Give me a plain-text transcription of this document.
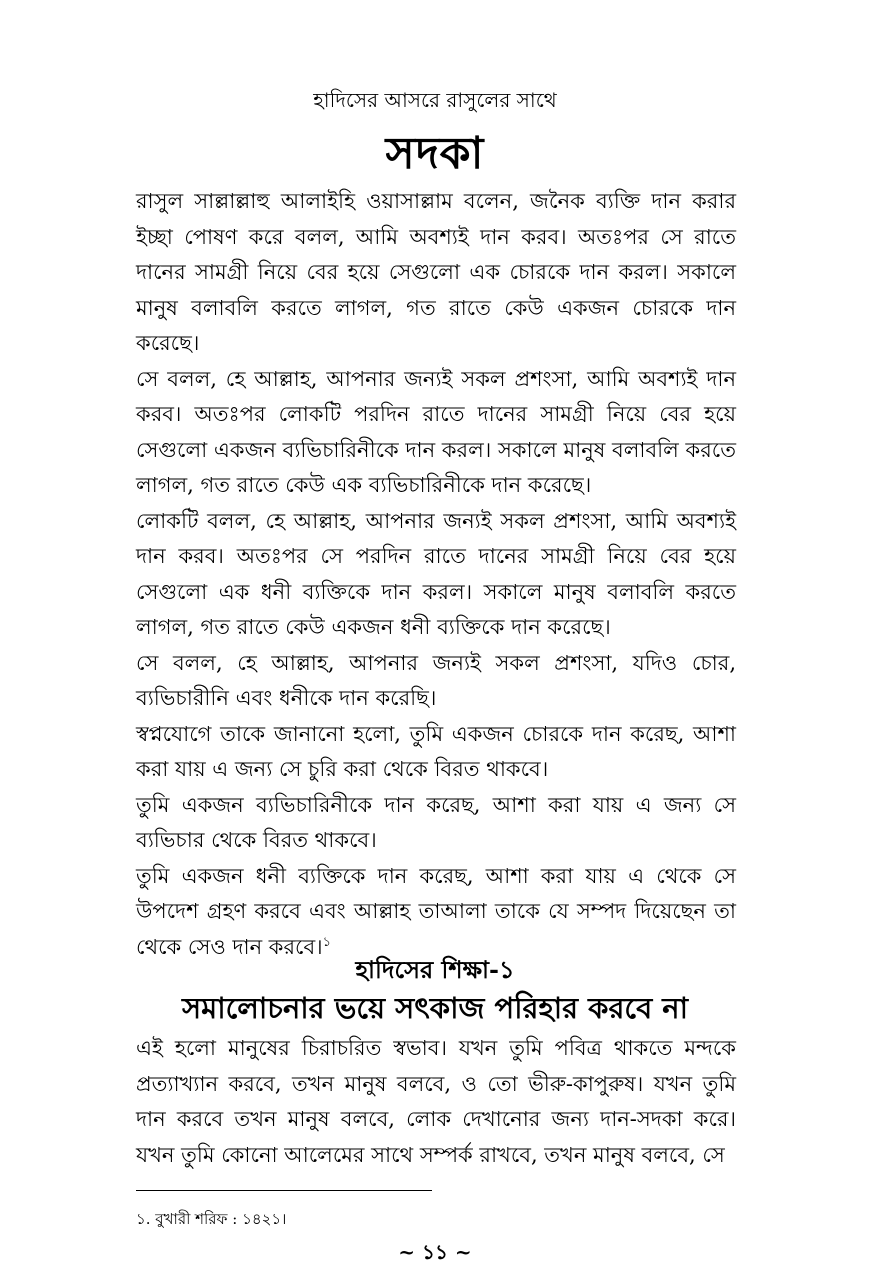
হাদিসের আসরে রাসুলের সাথে
সদকা

রাসুল সাল্লাল্লাহু আলাইহি ওয়াসাল্লাম বলেন, জনৈক ব্যক্তি দান করার ইচ্ছা পোষণ করে বলল, আমি অবশ্যই দান করব। অতঃপর সে রাতে দানের সামগ্রী নিয়ে বের হয়ে সেগুলো এক চোরকে দান করল। সকালে মানুষ বলাবলি করতে লাগল, গত রাতে কেউ একজন চোরকে দান করেছে।

সে বলল, হে আল্লাহ, আপনার জন্যই সকল প্রশংসা, আমি অবশ্যই দান করব। অতঃপর লোকটি পরদিন রাতে দানের সামগ্রী নিয়ে বের হয়ে সেগুলো একজন ব্যভিচারিনীকে দান করল। সকালে মানুষ বলাবলি করতে লাগল, গত রাতে কেউ এক ব্যভিচারিনীকে দান করেছে।

লোকটি বলল, হে আল্লাহ, আপনার জন্যই সকল প্রশংসা, আমি অবশ্যই দান করব। অতঃপর সে পরদিন রাতে দানের সামগ্রী নিয়ে বের হয়ে সেগুলো এক ধনী ব্যক্তিকে দান করল। সকালে মানুষ বলাবলি করতে লাগল, গত রাতে কেউ একজন ধনী ব্যক্তিকে দান করেছে।

সে বলল, হে আল্লাহ, আপনার জন্যই সকল প্রশংসা, যদিও চোর, ব্যভিচারীনি এবং ধনীকে দান করেছি।

স্বপ্নযোগে তাকে জানানো হলো, তুমি একজন চোরকে দান করেছ, আশা করা যায় এ জন্য সে চুরি করা থেকে বিরত থাকবে।

তুমি একজন ব্যভিচারিনীকে দান করেছ, আশা করা যায় এ জন্য সে ব্যভিচার থেকে বিরত থাকবে।

তুমি একজন ধনী ব্যক্তিকে দান করেছ, আশা করা যায় এ থেকে সে উপদেশ গ্রহণ করবে এবং আল্লাহ তাআলা তাকে যে সম্পদ দিয়েছেন তা থেকে সেও দান করবে।$^১$

হাদিসের শিক্ষা-১
সমালোচনার ভয়ে সৎকাজ পরিহার করবে না

এই হলো মানুষের চিরাচরিত স্বভাব। যখন তুমি পবিত্র থাকতে মন্দকে প্রত্যাখ্যান করবে, তখন মানুষ বলবে, ও তো ভীরু-কাপুরুষ। যখন তুমি দান করবে তখন মানুষ বলবে, লোক দেখানোর জন্য দান-সদকা করে। যখন তুমি কোনো আলেমের সাথে সম্পর্ক রাখবে, তখন মানুষ বলবে, সে

১. বুখারী শরিফ : ১৪২১।
~ ১১ ~
